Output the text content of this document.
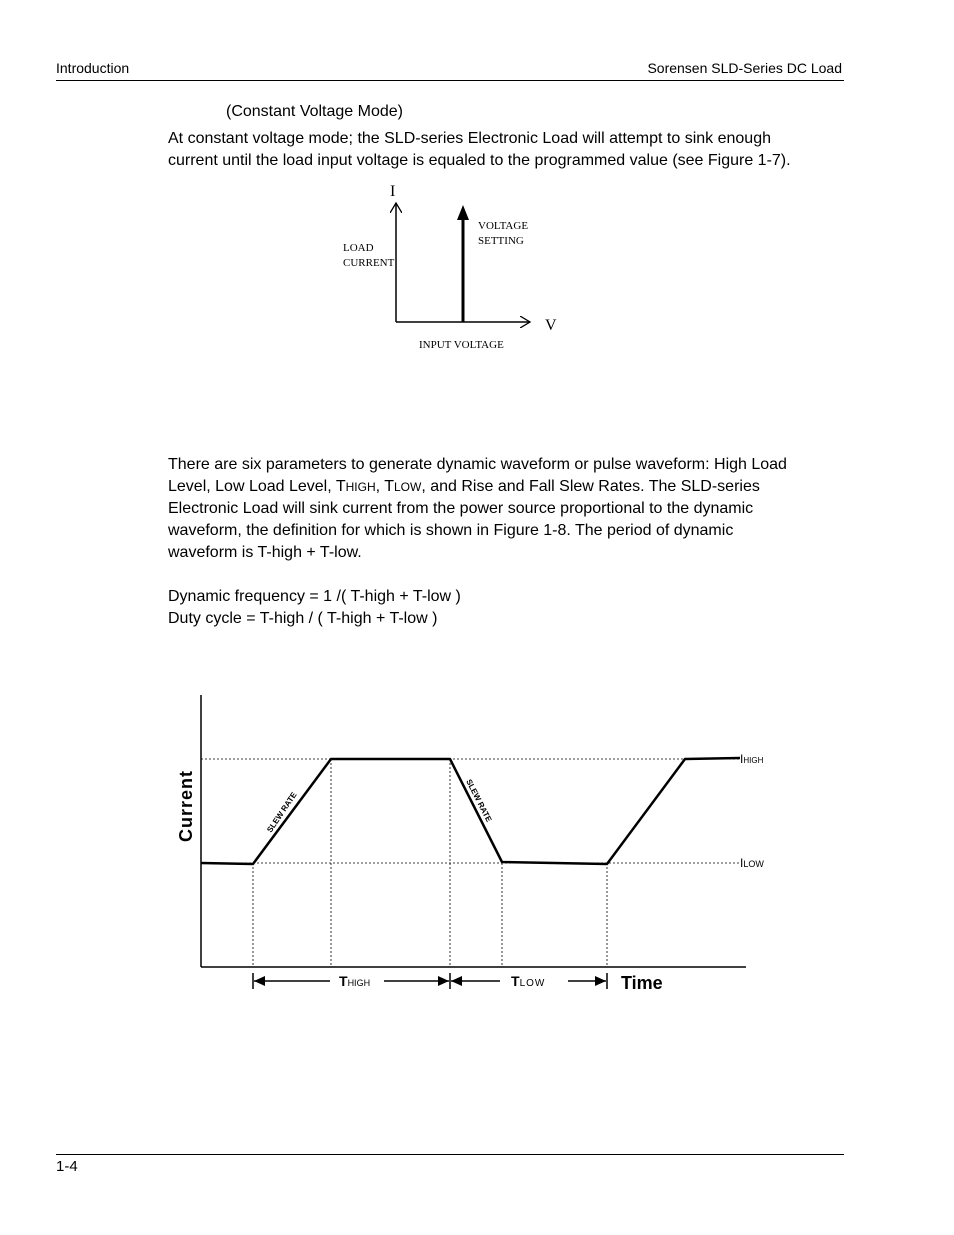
Introduction	Sorensen SLD-Series DC Load
(Constant Voltage Mode)
At constant voltage mode; the SLD-series Electronic Load will attempt to sink enough
current until the load input voltage is equaled to the programmed value (see Figure 1-7).
I
V
LOAD
CURRENT
VOLTAGE
SETTING
INPUT VOLTAGE
There are six parameters to generate dynamic waveform or pulse waveform: High Load
Level, Low Load Level, THIGH, TLOW, and Rise and Fall Slew Rates. The SLD-series
Electronic Load will sink current from the power source proportional to the dynamic
waveform, the definition for which is shown in Figure 1-8. The period of dynamic
waveform is T-high + T-low.
Dynamic frequency = 1 /( T-high + T-low )
Duty cycle = T-high / ( T-high + T-low )
Current	SLEW RATE	SLEW RATE
IHIGH
ILOW
THIGH	TLOW	Time
1-4
